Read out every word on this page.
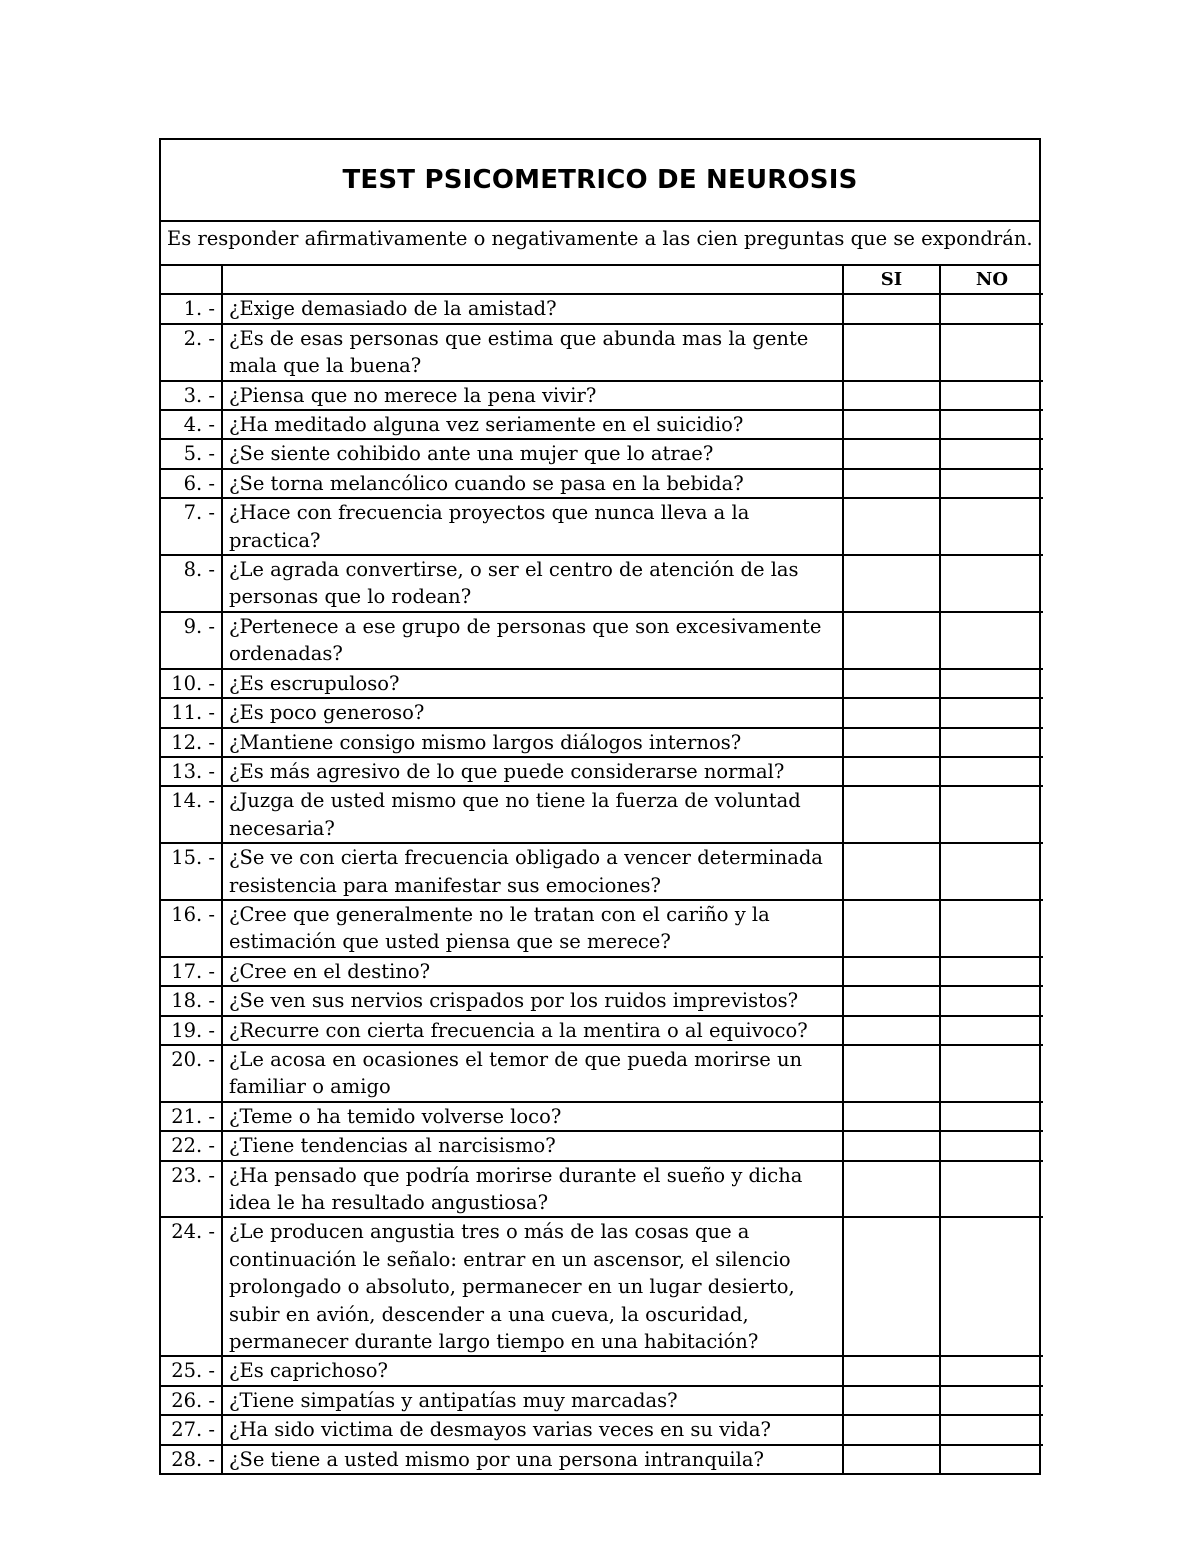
TEST PSICOMETRICO DE NEUROSIS
Es responder afirmativamente o negativamente a las cien preguntas que se expondrán.
		SI	NO
1. -	¿Exige demasiado de la amistad?		
2. -	¿Es de esas personas que estima que abunda mas la gente mala que la buena?		
3. -	¿Piensa que no merece la pena vivir?		
4. -	¿Ha meditado alguna vez seriamente en el suicidio?		
5. -	¿Se siente cohibido ante una mujer que lo atrae?		
6. -	¿Se torna melancólico cuando se pasa en la bebida?		
7. -	¿Hace con frecuencia proyectos que nunca lleva a la practica?		
8. -	¿Le agrada convertirse, o ser el centro de atención de las personas que lo rodean?		
9. -	¿Pertenece a ese grupo de personas que son excesivamente ordenadas?		
10. -	¿Es escrupuloso?		
11. -	¿Es poco generoso?		
12. -	¿Mantiene consigo mismo largos diálogos internos?		
13. -	¿Es más agresivo de lo que puede considerarse normal?		
14. -	¿Juzga de usted mismo que no tiene la fuerza de voluntad necesaria?		
15. -	¿Se ve con cierta frecuencia obligado a vencer determinada resistencia para manifestar sus emociones?		
16. -	¿Cree que generalmente no le tratan con el cariño y la estimación que usted piensa que se merece?		
17. -	¿Cree en el destino?		
18. -	¿Se ven sus nervios crispados por los ruidos imprevistos?		
19. -	¿Recurre con cierta frecuencia a la mentira o al equivoco?		
20. -	¿Le acosa en ocasiones el temor de que pueda morirse un familiar o amigo		
21. -	¿Teme o ha temido volverse loco?		
22. -	¿Tiene tendencias al narcisismo?		
23. -	¿Ha pensado que podría morirse durante el sueño y dicha idea le ha resultado angustiosa?		
24. -	¿Le producen angustia tres o más de las cosas que a continuación le señalo: entrar en un ascensor, el silencio prolongado o absoluto, permanecer en un lugar desierto, subir en avión, descender a una cueva, la oscuridad, permanecer durante largo tiempo en una habitación?		
25. -	¿Es caprichoso?		
26. -	¿Tiene simpatías y antipatías muy marcadas?		
27. -	¿Ha sido victima de desmayos varias veces en su vida?		
28. -	¿Se tiene a usted mismo por una persona intranquila?		
